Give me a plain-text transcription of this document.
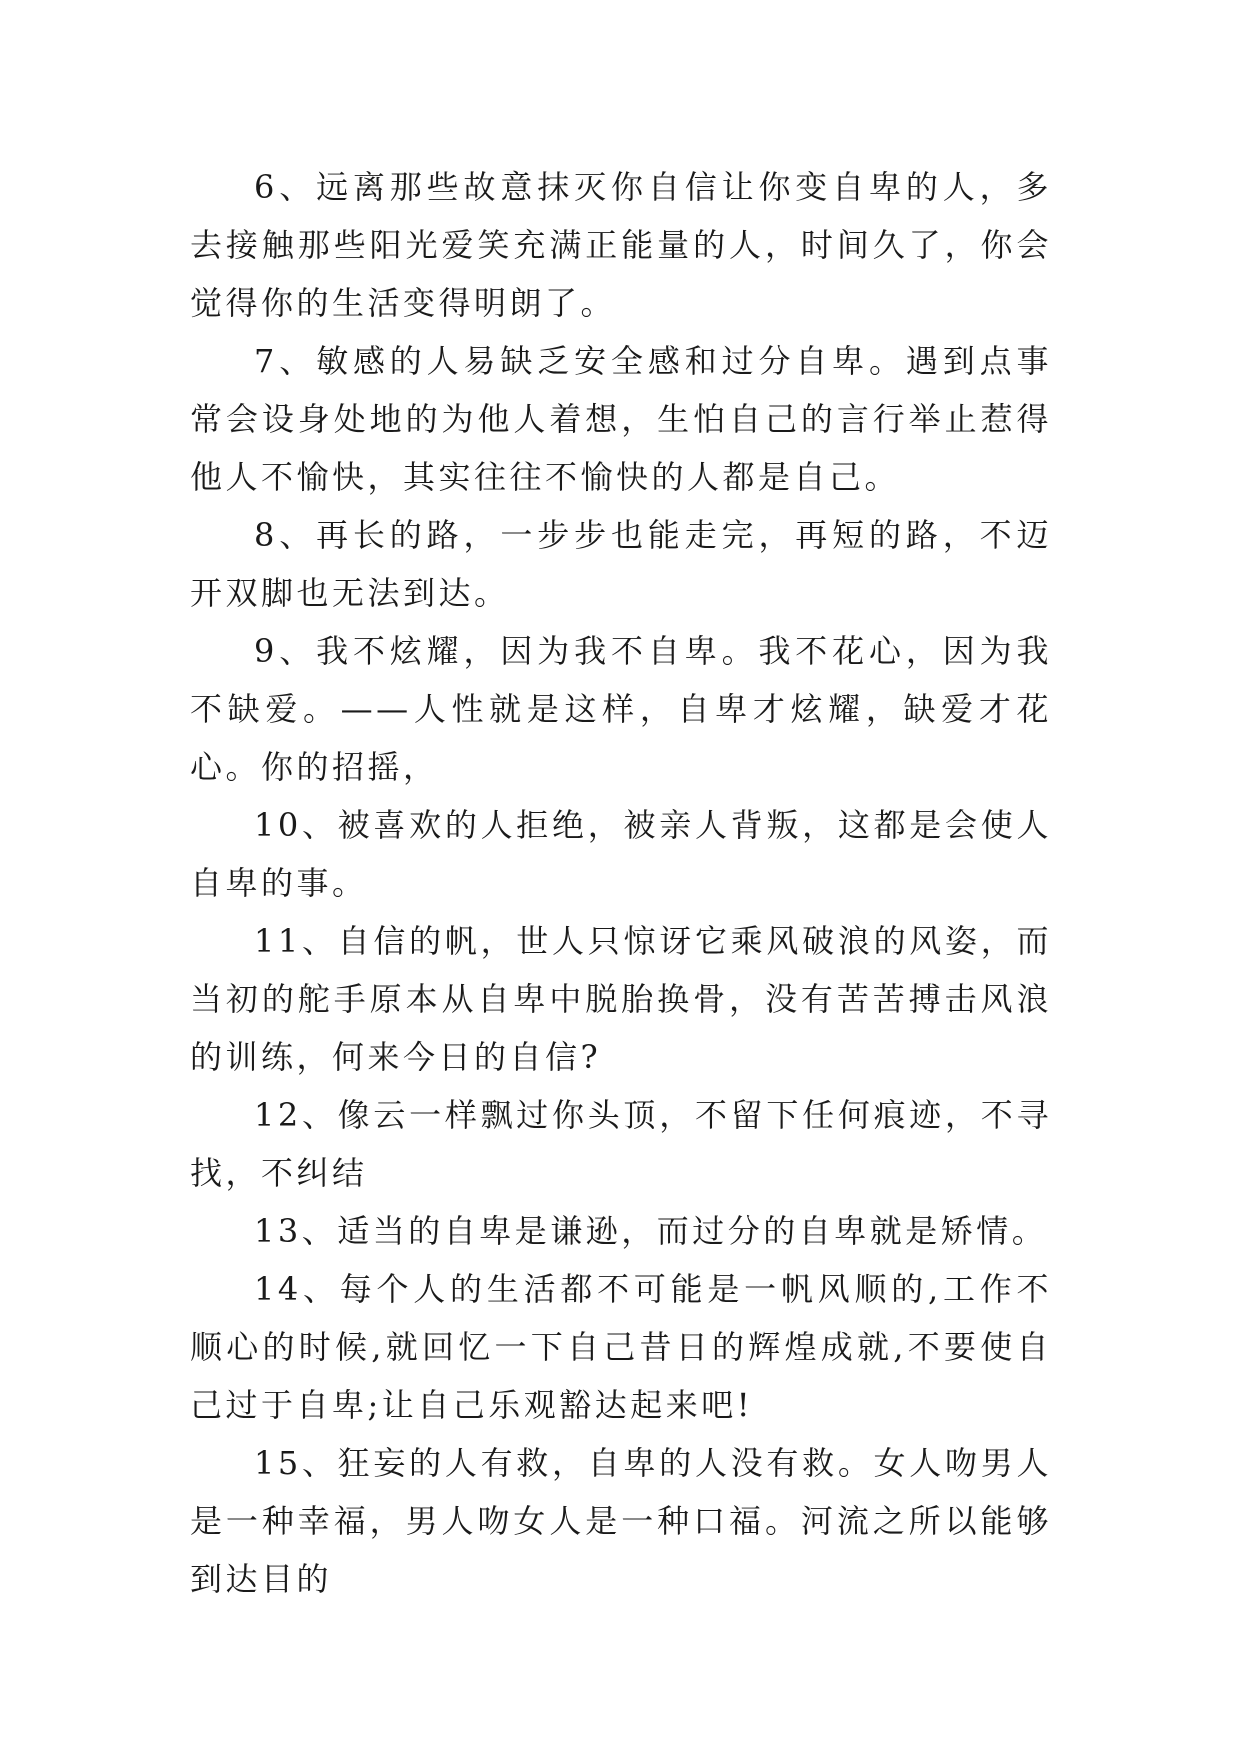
6、远离那些故意抹灭你自信让你变自卑的人，多去接触那些阳光爱笑充满正能量的人，时间久了，你会觉得你的生活变得明朗了。

7、敏感的人易缺乏安全感和过分自卑。遇到点事常会设身处地的为他人着想，生怕自己的言行举止惹得他人不愉快，其实往往不愉快的人都是自己。

8、再长的路，一步步也能走完，再短的路，不迈开双脚也无法到达。

9、我不炫耀，因为我不自卑。我不花心，因为我不缺爱。——人性就是这样，自卑才炫耀，缺爱才花心。你的招摇，

10、被喜欢的人拒绝，被亲人背叛，这都是会使人自卑的事。

11、自信的帆，世人只惊讶它乘风破浪的风姿，而当初的舵手原本从自卑中脱胎换骨，没有苦苦搏击风浪的训练，何来今日的自信?

12、像云一样飘过你头顶，不留下任何痕迹，不寻找，不纠结

13、适当的自卑是谦逊，而过分的自卑就是矫情。

14、每个人的生活都不可能是一帆风顺的,工作不顺心的时候,就回忆一下自己昔日的辉煌成就,不要使自己过于自卑;让自己乐观豁达起来吧!

15、狂妄的人有救，自卑的人没有救。女人吻男人是一种幸福，男人吻女人是一种口福。河流之所以能够到达目的
